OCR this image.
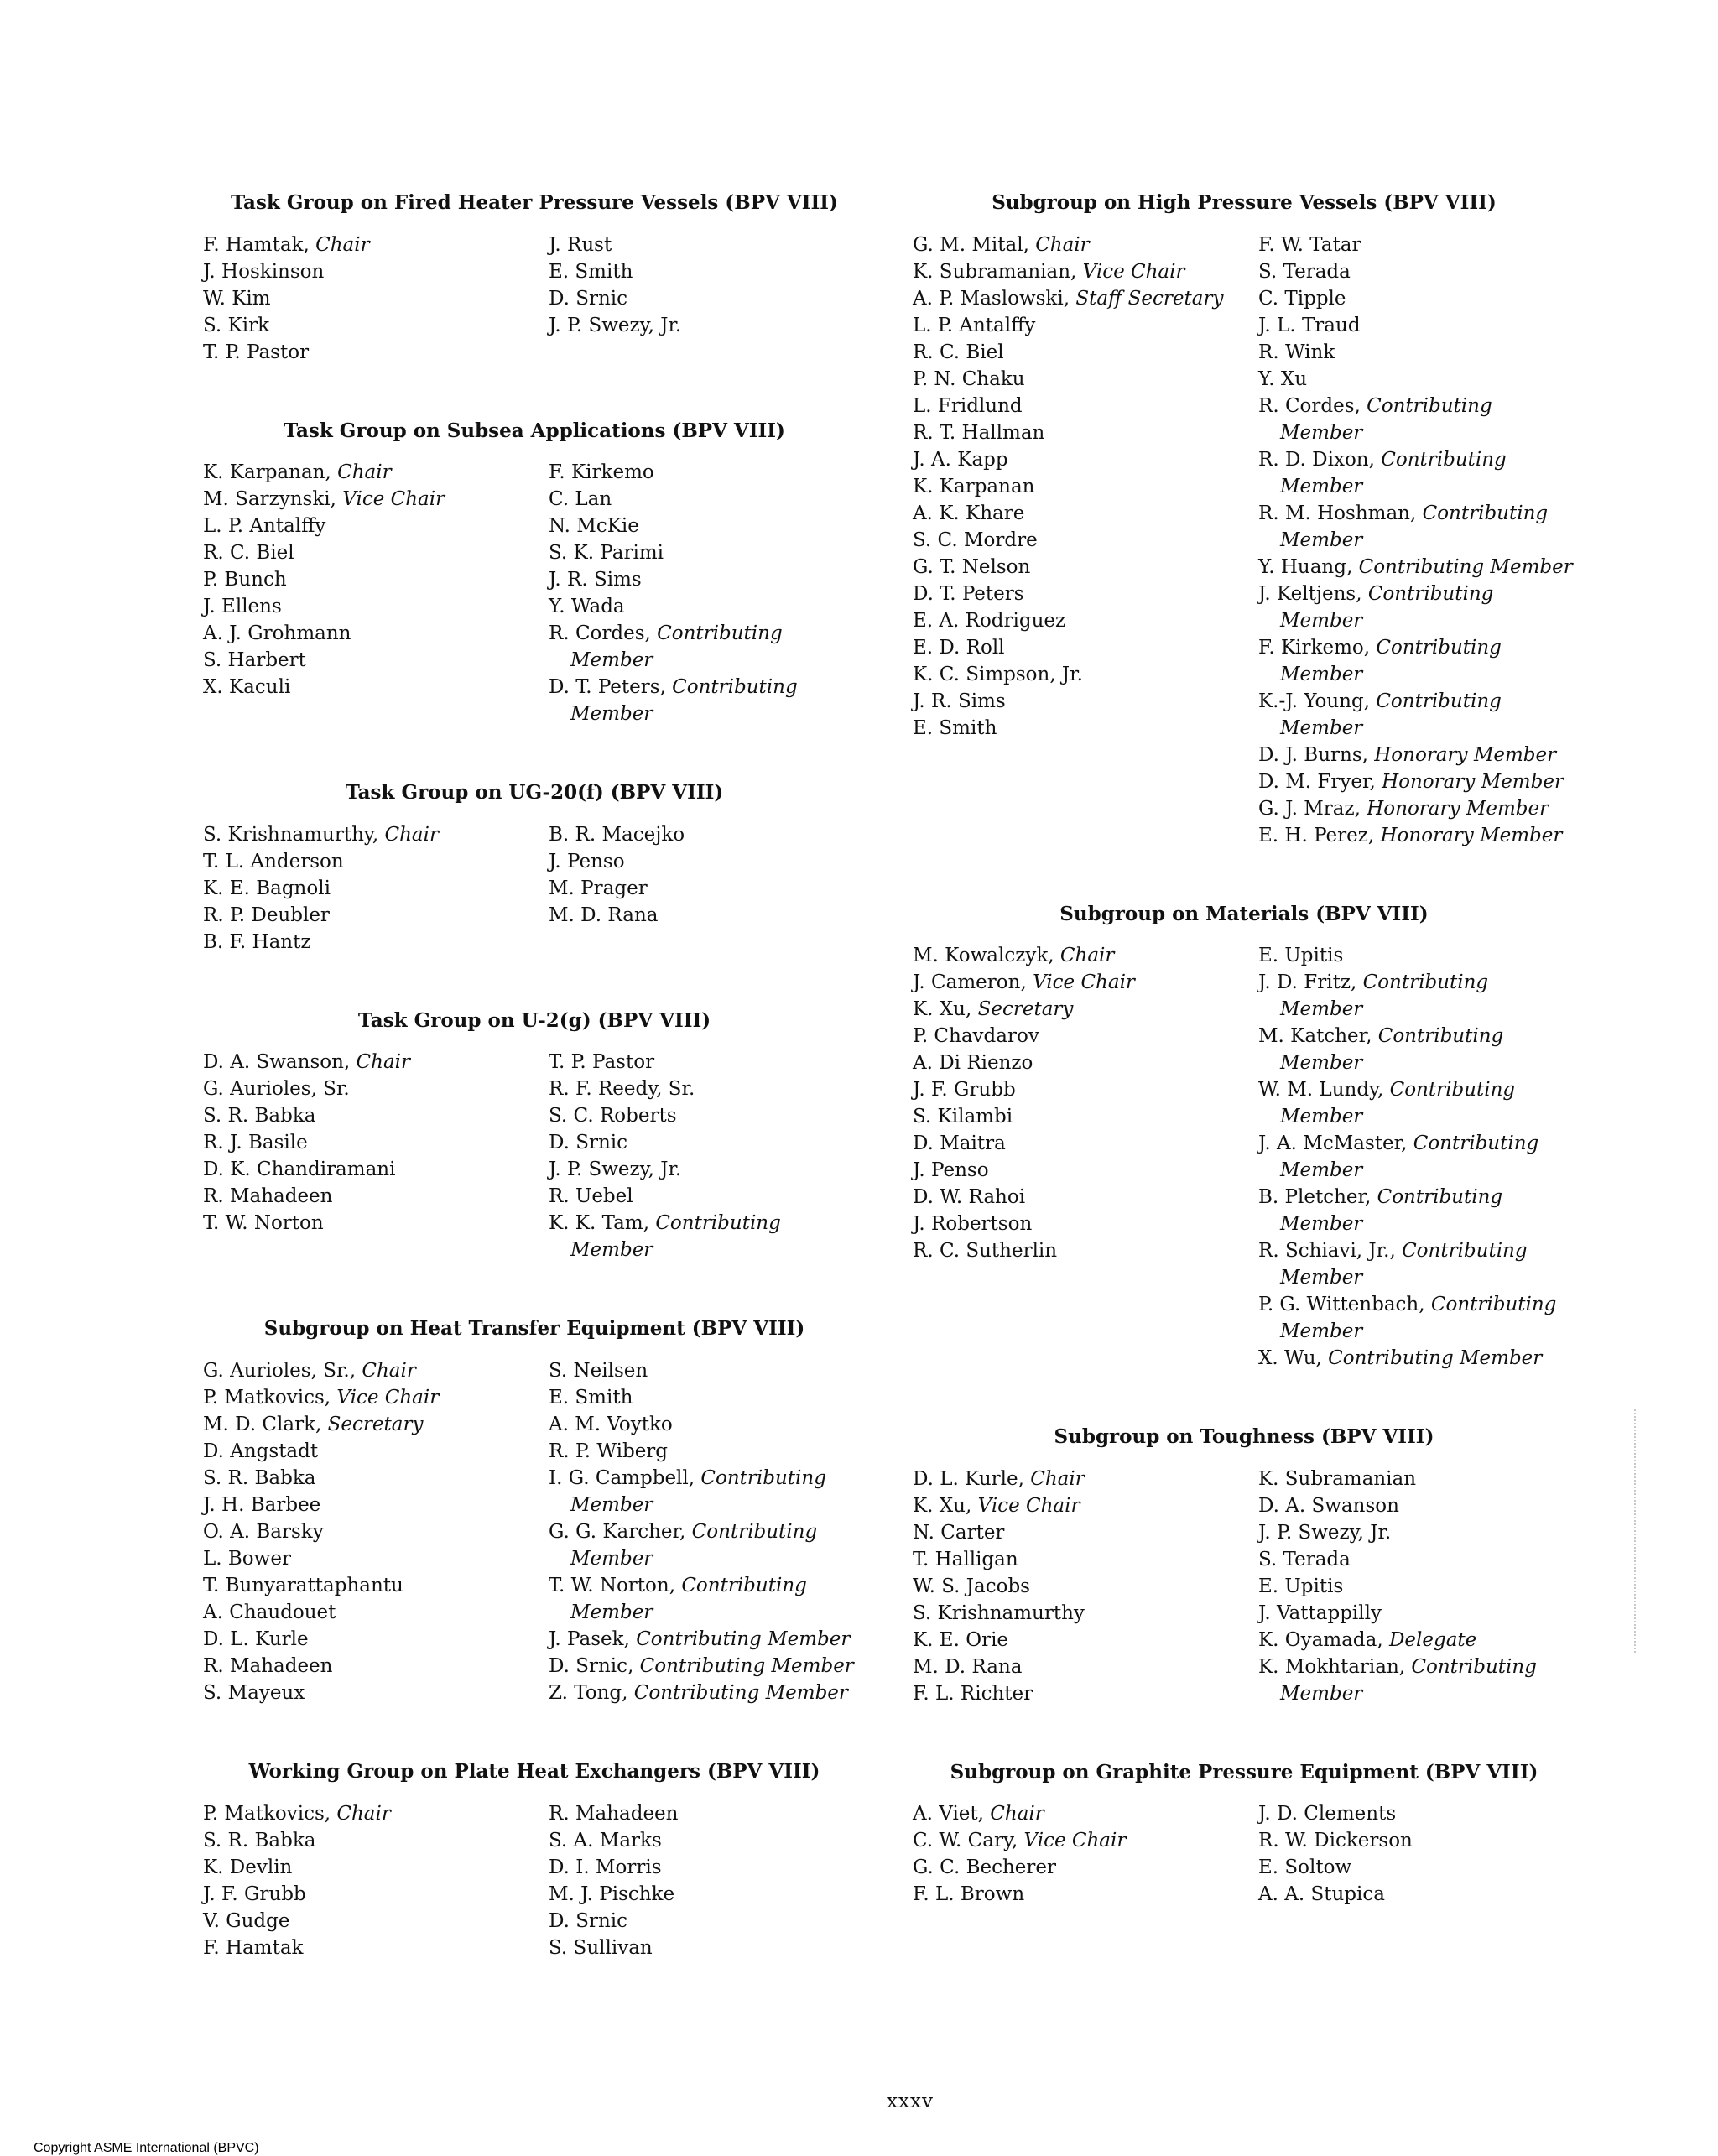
Task Group on Fired Heater Pressure Vessels (BPV VIII)
F. Hamtak, Chair
J. Hoskinson
W. Kim
S. Kirk
T. P. Pastor
J. Rust
E. Smith
D. Srnic
J. P. Swezy, Jr.
Task Group on Subsea Applications (BPV VIII)
K. Karpanan, Chair
M. Sarzynski, Vice Chair
L. P. Antalffy
R. C. Biel
P. Bunch
J. Ellens
A. J. Grohmann
S. Harbert
X. Kaculi
F. Kirkemo
C. Lan
N. McKie
S. K. Parimi
J. R. Sims
Y. Wada
R. Cordes, Contributing Member
D. T. Peters, Contributing Member
Task Group on UG-20(f) (BPV VIII)
S. Krishnamurthy, Chair
T. L. Anderson
K. E. Bagnoli
R. P. Deubler
B. F. Hantz
B. R. Macejko
J. Penso
M. Prager
M. D. Rana
Task Group on U-2(g) (BPV VIII)
D. A. Swanson, Chair
G. Aurioles, Sr.
S. R. Babka
R. J. Basile
D. K. Chandiramani
R. Mahadeen
T. W. Norton
T. P. Pastor
R. F. Reedy, Sr.
S. C. Roberts
D. Srnic
J. P. Swezy, Jr.
R. Uebel
K. K. Tam, Contributing Member
Subgroup on Heat Transfer Equipment (BPV VIII)
G. Aurioles, Sr., Chair
P. Matkovics, Vice Chair
M. D. Clark, Secretary
D. Angstadt
S. R. Babka
J. H. Barbee
O. A. Barsky
L. Bower
T. Bunyarattaphantu
A. Chaudouet
D. L. Kurle
R. Mahadeen
S. Mayeux
S. Neilsen
E. Smith
A. M. Voytko
R. P. Wiberg
I. G. Campbell, Contributing Member
G. G. Karcher, Contributing Member
T. W. Norton, Contributing Member
J. Pasek, Contributing Member
D. Srnic, Contributing Member
Z. Tong, Contributing Member
Working Group on Plate Heat Exchangers (BPV VIII)
P. Matkovics, Chair
S. R. Babka
K. Devlin
J. F. Grubb
V. Gudge
F. Hamtak
R. Mahadeen
S. A. Marks
D. I. Morris
M. J. Pischke
D. Srnic
S. Sullivan
Subgroup on High Pressure Vessels (BPV VIII)
G. M. Mital, Chair
K. Subramanian, Vice Chair
A. P. Maslowski, Staff Secretary
L. P. Antalffy
R. C. Biel
P. N. Chaku
L. Fridlund
R. T. Hallman
J. A. Kapp
K. Karpanan
A. K. Khare
S. C. Mordre
G. T. Nelson
D. T. Peters
E. A. Rodriguez
E. D. Roll
K. C. Simpson, Jr.
J. R. Sims
E. Smith
F. W. Tatar
S. Terada
C. Tipple
J. L. Traud
R. Wink
Y. Xu
R. Cordes, Contributing Member
R. D. Dixon, Contributing Member
R. M. Hoshman, Contributing Member
Y. Huang, Contributing Member
J. Keltjens, Contributing Member
F. Kirkemo, Contributing Member
K.-J. Young, Contributing Member
D. J. Burns, Honorary Member
D. M. Fryer, Honorary Member
G. J. Mraz, Honorary Member
E. H. Perez, Honorary Member
Subgroup on Materials (BPV VIII)
M. Kowalczyk, Chair
J. Cameron, Vice Chair
K. Xu, Secretary
P. Chavdarov
A. Di Rienzo
J. F. Grubb
S. Kilambi
D. Maitra
J. Penso
D. W. Rahoi
J. Robertson
R. C. Sutherlin
E. Upitis
J. D. Fritz, Contributing Member
M. Katcher, Contributing Member
W. M. Lundy, Contributing Member
J. A. McMaster, Contributing Member
B. Pletcher, Contributing Member
R. Schiavi, Jr., Contributing Member
P. G. Wittenbach, Contributing Member
X. Wu, Contributing Member
Subgroup on Toughness (BPV VIII)
D. L. Kurle, Chair
K. Xu, Vice Chair
N. Carter
T. Halligan
W. S. Jacobs
S. Krishnamurthy
K. E. Orie
M. D. Rana
F. L. Richter
K. Subramanian
D. A. Swanson
J. P. Swezy, Jr.
S. Terada
E. Upitis
J. Vattappilly
K. Oyamada, Delegate
K. Mokhtarian, Contributing Member
Subgroup on Graphite Pressure Equipment (BPV VIII)
A. Viet, Chair
C. W. Cary, Vice Chair
G. C. Becherer
F. L. Brown
J. D. Clements
R. W. Dickerson
E. Soltow
A. A. Stupica
xxxv
Copyright ASME International (BPVC)
